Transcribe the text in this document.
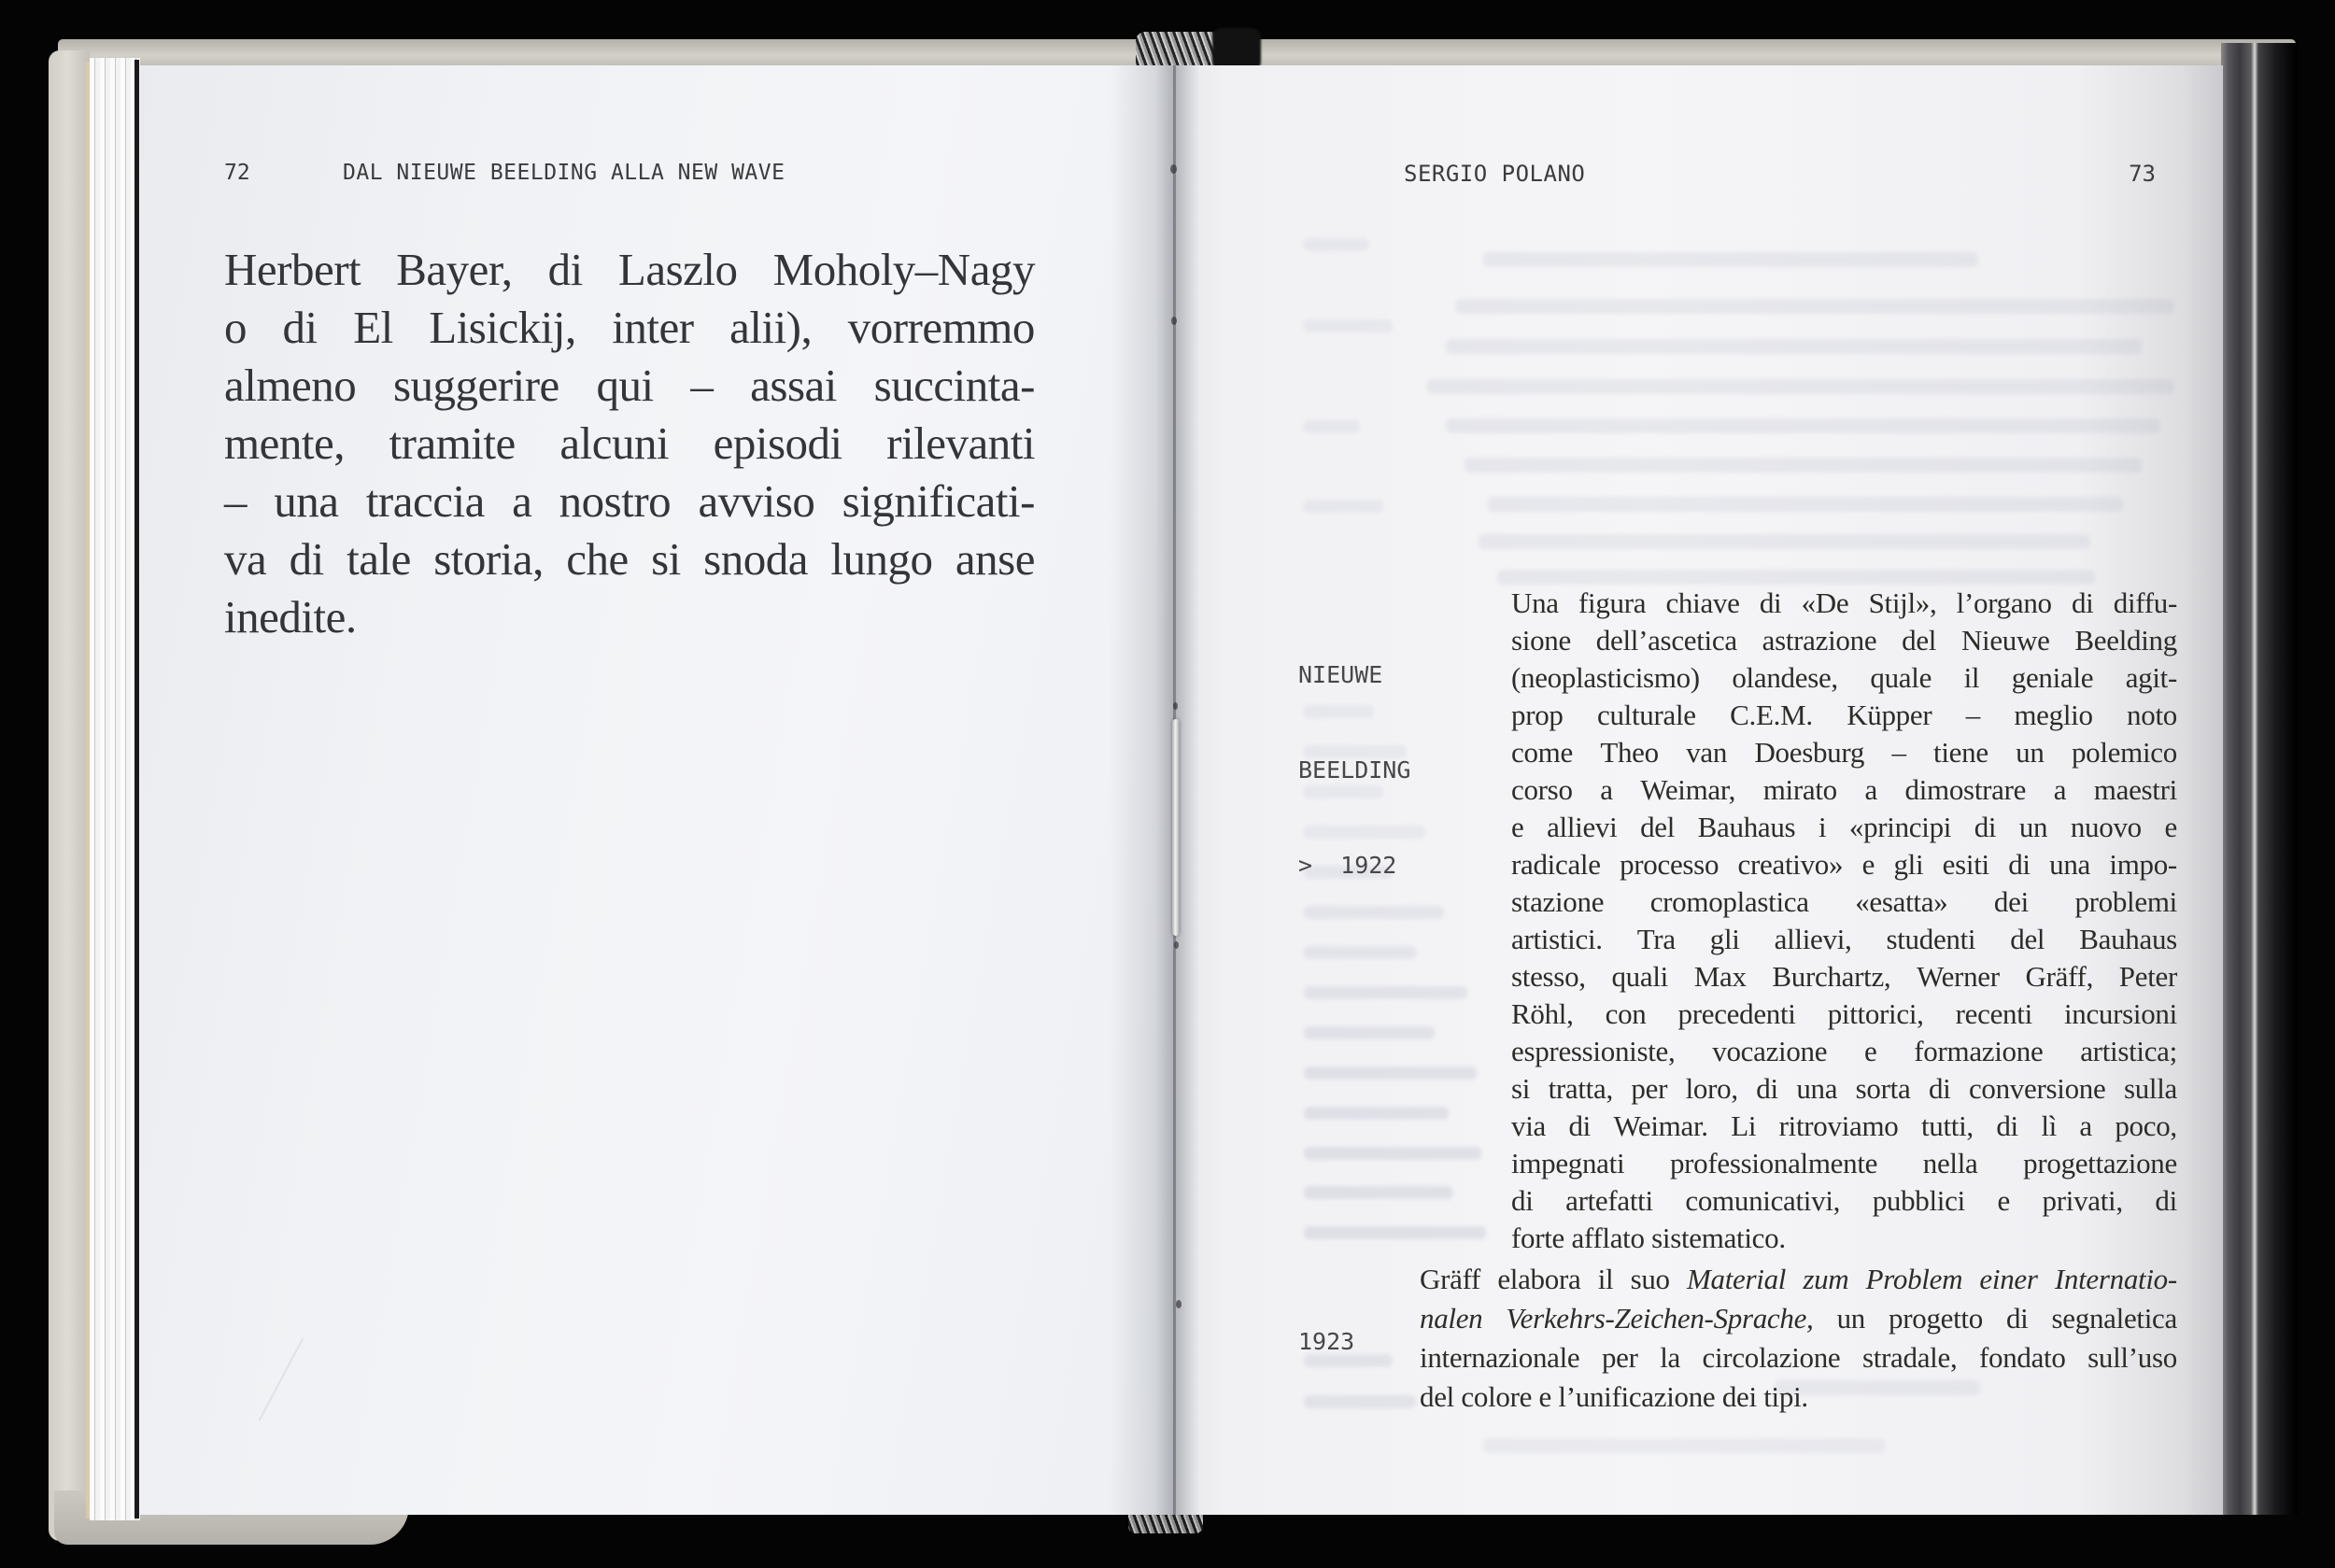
72	DAL NIEUWE BEELDING ALLA NEW WAVE
Herbert Bayer, di Laszlo Moholy–Nagy
o di El Lisickij, inter alii), vorremmo
almeno suggerire qui – assai succinta-
mente, tramite alcuni episodi rilevanti
– una traccia a nostro avviso significati-
va di tale storia, che si snoda lungo anse
inedite.
SERGIO POLANO	73

NIEUWE

BEELDING

>  1922

Una figura chiave di «De Stijl», l’organo di diffu-
sione dell’ascetica astrazione del Nieuwe Beelding
(neoplasticismo) olandese, quale il geniale agit-
prop culturale C.E.M. Küpper – meglio noto
come Theo van Doesburg – tiene un polemico
corso a Weimar, mirato a dimostrare a maestri
e allievi del Bauhaus i «principi di un nuovo e
radicale processo creativo» e gli esiti di una impo-
stazione cromoplastica «esatta» dei problemi
artistici. Tra gli allievi, studenti del Bauhaus
stesso, quali Max Burchartz, Werner Gräff, Peter
Röhl, con precedenti pittorici, recenti incursioni
espressioniste, vocazione e formazione artistica;
si tratta, per loro, di una sorta di conversione sulla
via di Weimar. Li ritroviamo tutti, di lì a poco,
impegnati professionalmente nella progettazione
di artefatti comunicativi, pubblici e privati, di
forte afflato sistematico.

1923

Gräff elabora il suo Material zum Problem einer Internatio-
nalen Verkehrs-Zeichen-Sprache, un progetto di segnaletica
internazionale per la circolazione stradale, fondato sull’uso
del colore e l’unificazione dei tipi.
